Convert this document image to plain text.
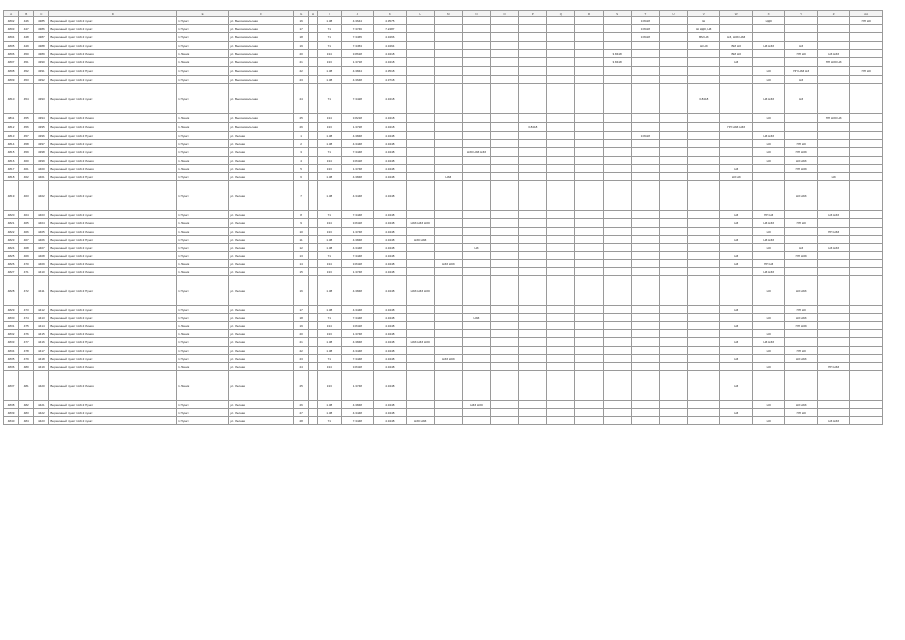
A	B	C	D	E	F	G	H	I	J	K	L	M	N	O	P	Q	R	S	T	U	V	W	X	Y	Z	AA
4802	446	4385	Вершинный пункт 1АЗ-3 пункт	1 Пункт	ул. Высоковольтная	16		1.38	4.3644	4.3575									3.8418		Ш		НДЗ			ПП НЗ
4803	447	4386	Вершинный пункт 1АЗ-3 пункт	1 Пункт	ул. Высоковольтная	17		71	7.3746	7.2487									3.8418		Ш НДЗ, НЗ					
4804	448	4387	Вершинный пункт 1АЗ-3 пункт	1 Пункт	ул. Высоковольтная	18		71	7.3465	4.3466									3.8418		ВМ НЗ	НЗ, НЗЗ НЗЗ				
4805	449	4388	Вершинный пункт 1АЗ-3 пункт	1 Пункт	ул. Высоковольтная	19		71	7.3453	4.3464											Ш НЗ	ВМ НЗ	НЗ НЗЗ	НЗ		
4806	450	4389	Вершинный пункт 1АЗ-3 Линия	1 Линия	ул. Высоковольтная	20		134	3.8618	4.3418								3.8418				ВМ НЗ		ПП НЗ	НЗ НЗЗ	
4807	451	4390	Вершинный пункт 1АЗ-3 Линия	1 Линия	ул. Высоковольтная	21		133	1.3718	4.3418								3.8418				НЗ			ПП НЗЗ НЗ	
4808	452	4391	Вершинный пункт 1АЗ-3 Пункт	1 Пункт	ул. Высоковольтная	22		1.38	4.3844	4.3518													НЗ	ПП НЗЗ НЗ		ПП НЗ
4809	453	4392	Вершинный пункт 1АЗ-3 пункт	1 Пункт	ул. Высоковольтная	23		1.38	4.3648	4.3718													НЗ	НЗ		
4810	454	4393	Вершинный пункт 1АЗ-3 пункт	1 Пункт	ул. Высоковольтная	24		71	7.3428	4.3418											3.8418		НЗ НЗЗ	НЗ		
4811	455	4394	Вершинный пункт 1АЗ-3 Линия	1 Линия	ул. Высоковольтная	25		134	3.8218	4.3418													НЗ		ПП НЗЗ НЗ	
4812	456	4395	Вершинный пункт 1АЗ-3 Линия	1 Линия	ул. Высоковольтная	26		133	1.3728	4.3418					3.8418							ПП НЗЗ НЗЗ				
4813	457	4396	Вершинный пункт 1АЗ-3 Пункт	1 Пункт	ул. Лесная	1		1.38	4.3848	4.3448									3.8418				НЗ НЗЗ			
4814	458	4397	Вершинный пункт 1АЗ-3 пункт	1 Пункт	ул. Лесная	2		1.38	4.3448	4.3448													НЗ	ПП НЗ		
4815	459	4398	Вершинный пункт 1АЗ-3 пункт	1 Пункт	ул. Лесная	3		71	7.3448	4.3448			НЗЗ НЗЗ НЗЗ										НЗ	ПП НЗЗ		
4816	460	4399	Вершинный пункт 1АЗ-3 Линия	1 Линия	ул. Лесная	4		134	3.8418	4.3448													НЗ	НЗ НЗЗ		
4817	461	4400	Вершинный пункт 1АЗ-3 Линия	1 Линия	ул. Лесная	5		133	1.3748	4.3448												НЗ		ПП НЗЗ		
4818	462	4401	Вершинный пункт 1АЗ-3 Пункт	1 Пункт	ул. Лесная	6		1.38	4.3848	4.3448		НЗЗ										НЗ НЗ			НЗ	
4819	463	4402	Вершинный пункт 1АЗ-3 пункт	1 Пункт	ул. Лесная	7		1.38	4.3448	4.3448														НЗ НЗЗ		
4820	464	4403	Вершинный пункт 1АЗ-3 пункт	1 Пункт	ул. Лесная	8		71	7.3448	4.3448												НЗ	ПП НЗ		НЗ НЗЗ	
4821	465	4404	Вершинный пункт 1АЗ-3 Линия	1 Линия	ул. Лесная	9		134	3.8418	4.3448	НЗЗ НЗЗ НЗЗ											НЗ	НЗ НЗЗ	ПП НЗ		
4822	466	4405	Вершинный пункт 1АЗ-3 Линия	1 Линия	ул. Лесная	10		133	1.3748	4.3448													НЗ		ПП НЗЗ	
4823	467	4406	Вершинный пункт 1АЗ-3 Пункт	1 Пункт	ул. Лесная	11		1.38	4.3848	4.3448	НЗЗ НЗЗ											НЗ	НЗ НЗЗ			
4824	468	4407	Вершинный пункт 1АЗ-3 пункт	1 Пункт	ул. Лесная	12		1.38	4.3448	4.3448			НЗ										НЗ	НЗ	НЗ НЗЗ	
4825	469	4408	Вершинный пункт 1АЗ-3 пункт	1 Пункт	ул. Лесная	13		71	7.3448	4.3448												НЗ		ПП НЗЗ		
4826	470	4409	Вершинный пункт 1АЗ-3 Линия	1 Линия	ул. Лесная	14		134	3.8418	4.3448		НЗЗ НЗЗ										НЗ	ПП НЗ			
4827	471	4410	Вершинный пункт 1АЗ-3 Линия	1 Линия	ул. Лесная	15		133	1.3748	4.3448													НЗ НЗЗ			
4828	472	4411	Вершинный пункт 1АЗ-3 Пункт	1 Пункт	ул. Лесная	16		1.38	4.3848	4.3448	НЗЗ НЗЗ НЗЗ												НЗ	НЗ НЗЗ		
4829	473	4412	Вершинный пункт 1АЗ-3 пункт	1 Пункт	ул. Лесная	17		1.38	4.3448	4.3448												НЗ		ПП НЗ		
4830	474	4413	Вершинный пункт 1АЗ-3 пункт	1 Пункт	ул. Лесная	18		71	7.3448	4.3448			НЗЗ										НЗ	НЗ НЗЗ		
4831	475	4414	Вершинный пункт 1АЗ-3 Линия	1 Линия	ул. Лесная	19		134	3.8418	4.3448												НЗ		ПП НЗЗ		
4832	476	4415	Вершинный пункт 1АЗ-3 Линия	1 Линия	ул. Лесная	20		133	1.3748	4.3448													НЗ			
4833	477	4416	Вершинный пункт 1АЗ-3 Пункт	1 Пункт	ул. Лесная	21		1.38	4.3848	4.3448	НЗЗ НЗЗ НЗЗ											НЗ	НЗ НЗЗ			
4834	478	4417	Вершинный пункт 1АЗ-3 пункт	1 Пункт	ул. Лесная	22		1.38	4.3448	4.3448													НЗ	ПП НЗ		
4835	479	4418	Вершинный пункт 1АЗ-3 пункт	1 Пункт	ул. Лесная	23		71	7.3448	4.3448		НЗЗ НЗЗ										НЗ		НЗ НЗЗ		
4836	480	4419	Вершинный пункт 1АЗ-3 Линия	1 Линия	ул. Лесная	24		134	3.8418	4.3448													НЗ		ПП НЗЗ	
4837	481	4420	Вершинный пункт 1АЗ-3 Линия	1 Линия	ул. Лесная	25		133	1.3748	4.3448												НЗ				
4838	482	4421	Вершинный пункт 1АЗ-3 Пункт	1 Пункт	ул. Лесная	26		1.38	4.3848	4.3448			НЗЗ НЗЗ										НЗ	НЗ НЗЗ		
4839	483	4422	Вершинный пункт 1АЗ-3 пункт	1 Пункт	ул. Лесная	27		1.38	4.3448	4.3448												НЗ		ПП НЗ		
4840	484	4423	Вершинный пункт 1АЗ-3 пункт	1 Пункт	ул. Лесная	28		71	7.3448	4.3448	НЗЗ НЗЗ												НЗ		НЗ НЗЗ	
